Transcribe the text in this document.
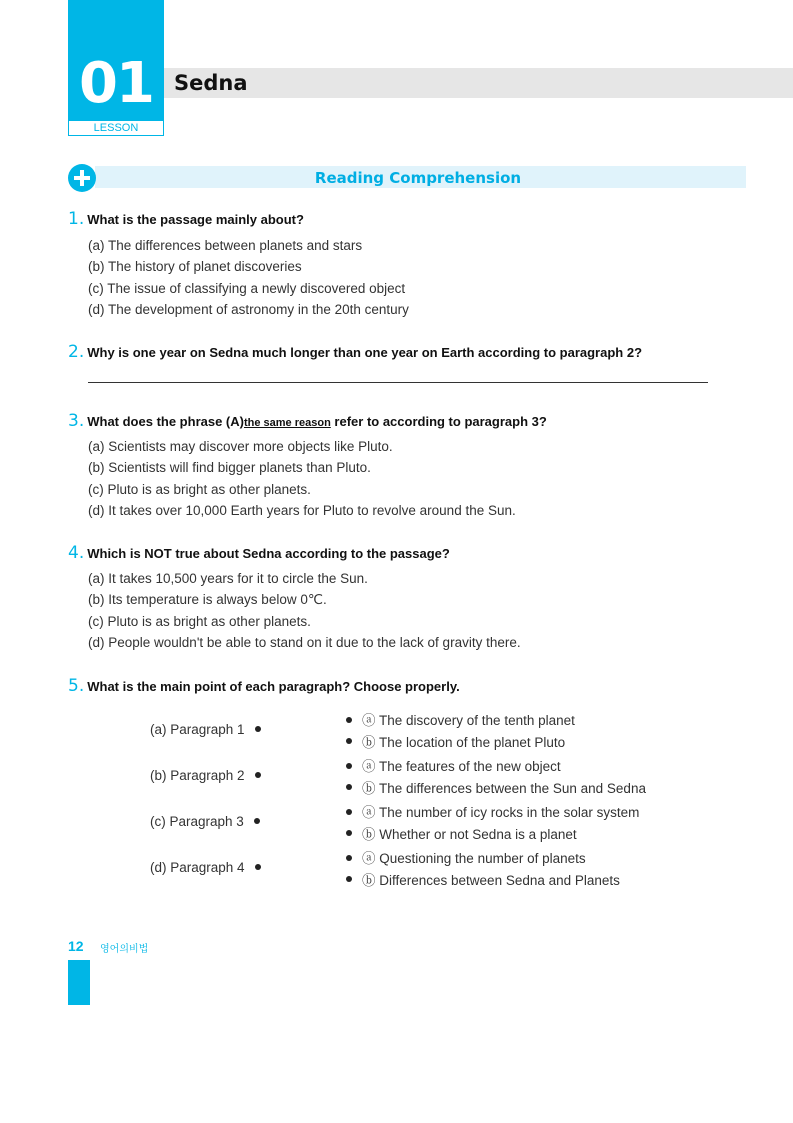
01
LESSON
Sedna
Reading Comprehension
1. What is the passage mainly about?
(a) The differences between planets and stars
(b) The history of planet discoveries
(c) The issue of classifying a newly discovered object
(d) The development of astronomy in the 20th century
2. Why is one year on Sedna much longer than one year on Earth according to paragraph 2?
3. What does the phrase (A)the same reason refer to according to paragraph 3?
(a) Scientists may discover more objects like Pluto.
(b) Scientists will find bigger planets than Pluto.
(c) Pluto is as bright as other planets.
(d) It takes over 10,000 Earth years for Pluto to revolve around the Sun.
4. Which is NOT true about Sedna according to the passage?
(a) It takes 10,500 years for it to circle the Sun.
(b) Its temperature is always below 0℃.
(c) Pluto is as bright as other planets.
(d) People wouldn't be able to stand on it due to the lack of gravity there.
5. What is the main point of each paragraph? Choose properly.
(a) Paragraph 1
ⓐ The discovery of the tenth planet
ⓑ The location of the planet Pluto
(b) Paragraph 2
ⓐ The features of the new object
ⓑ The differences between the Sun and Sedna
(c) Paragraph 3
ⓐ The number of icy rocks in the solar system
ⓑ Whether or not Sedna is a planet
(d) Paragraph 4
ⓐ Questioning the number of planets
ⓑ Differences between Sedna and Planets
12 영어의비법
